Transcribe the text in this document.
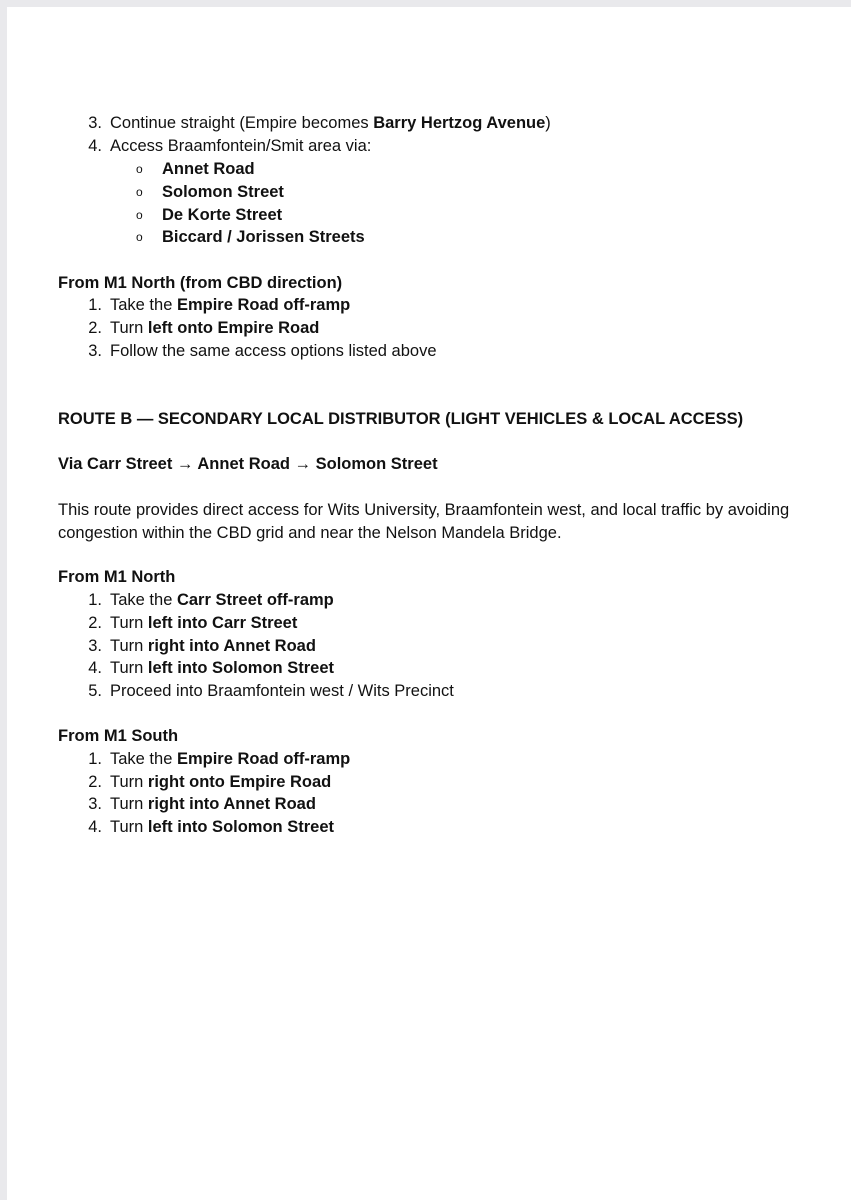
3. Continue straight (Empire becomes Barry Hertzog Avenue)
4. Access Braamfontein/Smit area via:
o Annet Road
o Solomon Street
o De Korte Street
o Biccard / Jorissen Streets
From M1 North (from CBD direction)
1. Take the Empire Road off-ramp
2. Turn left onto Empire Road
3. Follow the same access options listed above
ROUTE B — SECONDARY LOCAL DISTRIBUTOR (LIGHT VEHICLES & LOCAL ACCESS)
Via Carr Street → Annet Road → Solomon Street
This route provides direct access for Wits University, Braamfontein west, and local traffic by avoiding
congestion within the CBD grid and near the Nelson Mandela Bridge.
From M1 North
1. Take the Carr Street off-ramp
2. Turn left into Carr Street
3. Turn right into Annet Road
4. Turn left into Solomon Street
5. Proceed into Braamfontein west / Wits Precinct
From M1 South
1. Take the Empire Road off-ramp
2. Turn right onto Empire Road
3. Turn right into Annet Road
4. Turn left into Solomon Street
